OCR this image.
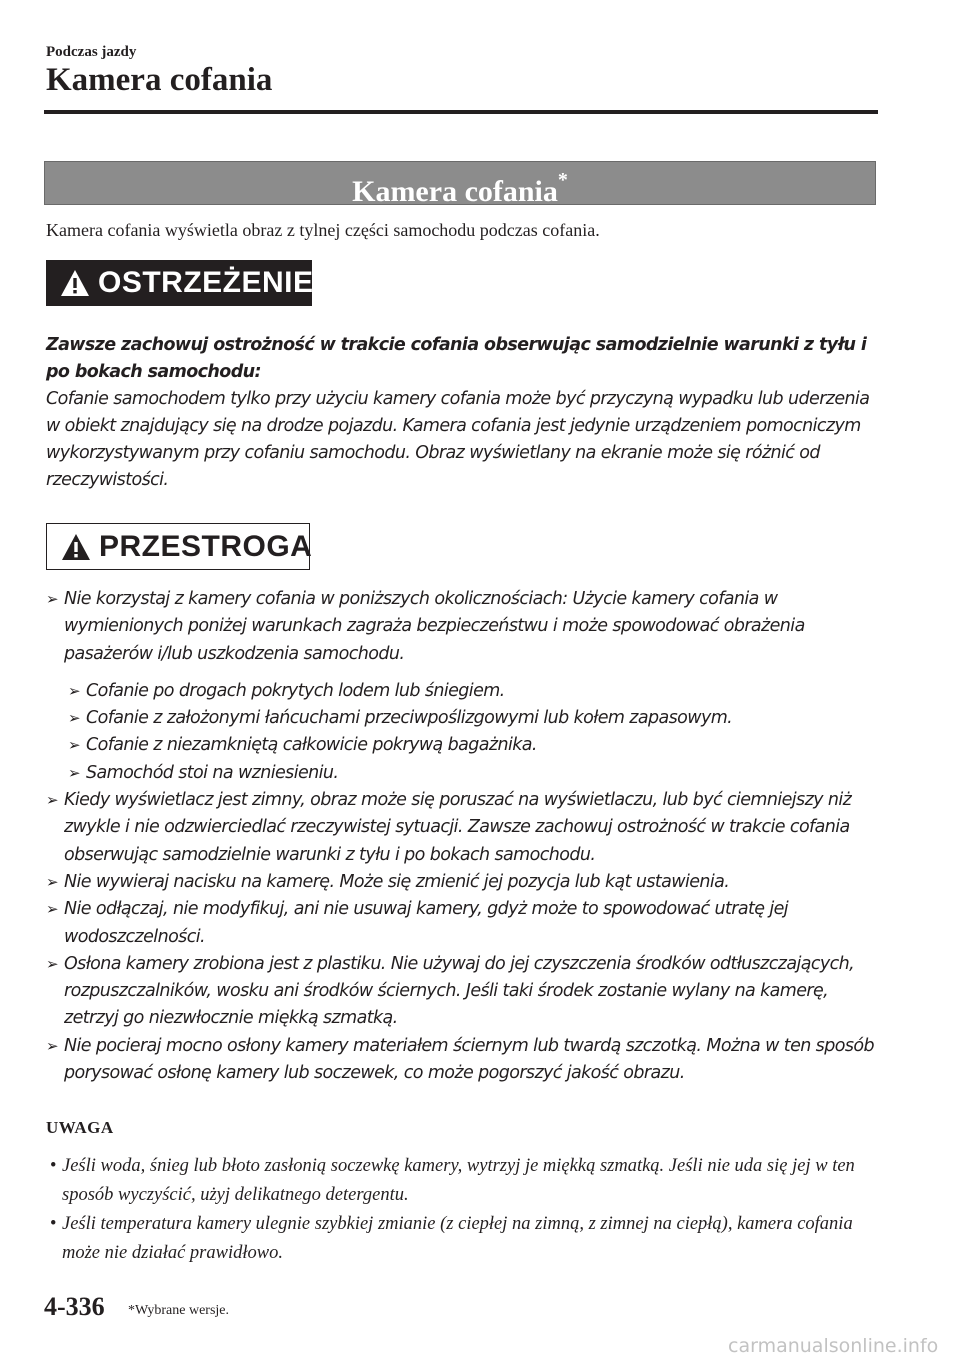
Podczas jazdy
Kamera cofania
Kamera cofania*
Kamera cofania wyświetla obraz z tylnej części samochodu podczas cofania.
OSTRZEŻENIE
Zawsze zachowuj ostrożność w trakcie cofania obserwując samodzielnie warunki z tyłu i po bokach samochodu:
Cofanie samochodem tylko przy użyciu kamery cofania może być przyczyną wypadku lub uderzenia w obiekt znajdujący się na drodze pojazdu. Kamera cofania jest jedynie urządzeniem pomocniczym wykorzystywanym przy cofaniu samochodu. Obraz wyświetlany na ekranie może się różnić od rzeczywistości.
PRZESTROGA
➢ Nie korzystaj z kamery cofania w poniższych okolicznościach: Użycie kamery cofania w wymienionych poniżej warunkach zagraża bezpieczeństwu i może spowodować obrażenia pasażerów i/lub uszkodzenia samochodu.
➢ Cofanie po drogach pokrytych lodem lub śniegiem.
➢ Cofanie z założonymi łańcuchami przeciwpoślizgowymi lub kołem zapasowym.
➢ Cofanie z niezamkniętą całkowicie pokrywą bagażnika.
➢ Samochód stoi na wzniesieniu.
➢ Kiedy wyświetlacz jest zimny, obraz może się poruszać na wyświetlaczu, lub być ciemniejszy niż zwykle i nie odzwierciedlać rzeczywistej sytuacji. Zawsze zachowuj ostrożność w trakcie cofania obserwując samodzielnie warunki z tyłu i po bokach samochodu.
➢ Nie wywieraj nacisku na kamerę. Może się zmienić jej pozycja lub kąt ustawienia.
➢ Nie odłączaj, nie modyfikuj, ani nie usuwaj kamery, gdyż może to spowodować utratę jej wodoszczelności.
➢ Osłona kamery zrobiona jest z plastiku. Nie używaj do jej czyszczenia środków odtłuszczających, rozpuszczalników, wosku ani środków ściernych. Jeśli taki środek zostanie wylany na kamerę, zetrzyj go niezwłocznie miękką szmatką.
➢ Nie pocieraj mocno osłony kamery materiałem ściernym lub twardą szczotką. Można w ten sposób porysować osłonę kamery lub soczewek, co może pogorszyć jakość obrazu.
UWAGA
• Jeśli woda, śnieg lub błoto zasłonią soczewkę kamery, wytrzyj je miękką szmatką. Jeśli nie uda się jej w ten sposób wyczyścić, użyj delikatnego detergentu.
• Jeśli temperatura kamery ulegnie szybkiej zmianie (z ciepłej na zimną, z zimnej na ciepłą), kamera cofania może nie działać prawidłowo.
4-336 *Wybrane wersje.
carmanualsonline.info
